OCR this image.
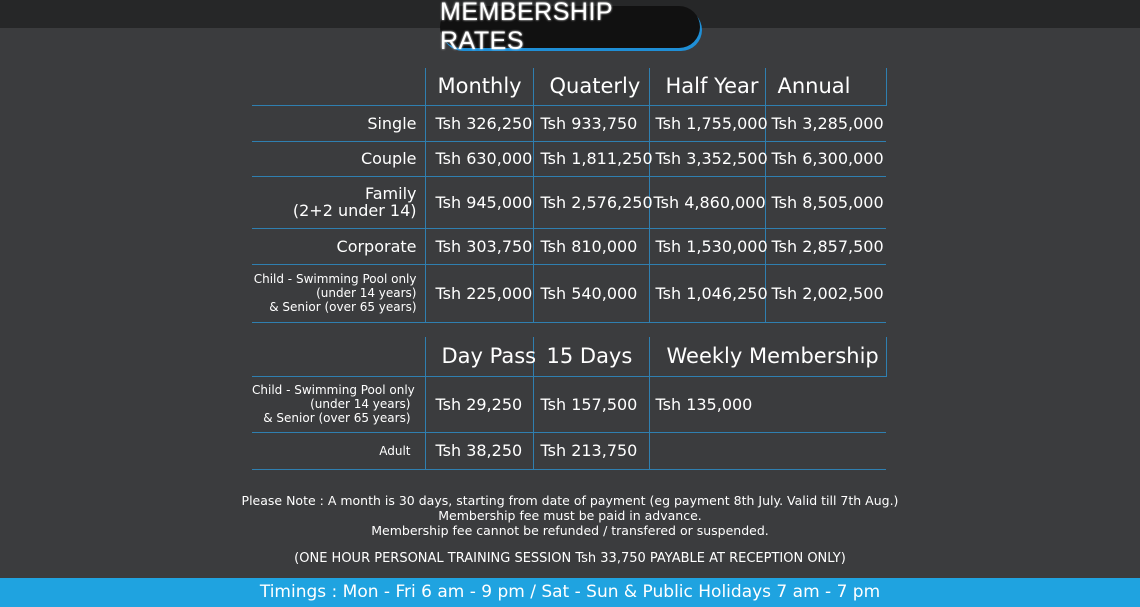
MEMBERSHIP RATES
	Monthly	Quaterly	Half Year	Annual
Single	Tsh 326,250	Tsh 933,750	Tsh 1,755,000	Tsh 3,285,000
Couple	Tsh 630,000	Tsh 1,811,250	Tsh 3,352,500	Tsh 6,300,000

Family
(2+2 under 14)	Tsh 945,000	Tsh 2,576,250	Tsh 4,860,000	Tsh 8,505,000
Corporate	Tsh 303,750	Tsh 810,000	Tsh 1,530,000	Tsh 2,857,500

Child - Swimming Pool only
(under 14 years)
& Senior (over 65 years)	Tsh 225,000	Tsh 540,000	Tsh 1,046,250	Tsh 2,002,500
	Day Pass	15 Days	Weekly Membership

Child - Swimming Pool only
(under 14 years)
& Senior (over 65 years)	Tsh 29,250	Tsh 157,500	Tsh 135,000
Adult	Tsh 38,250	Tsh 213,750	
Please Note : A month is 30 days, starting from date of payment (eg payment 8th July. Valid till 7th Aug.)
Membership fee must be paid in advance.
Membership fee cannot be refunded / transfered or suspended.
(ONE HOUR PERSONAL TRAINING SESSION Tsh 33,750 PAYABLE AT RECEPTION ONLY)
Timings : Mon - Fri 6 am - 9 pm / Sat - Sun & Public Holidays 7 am - 7 pm
